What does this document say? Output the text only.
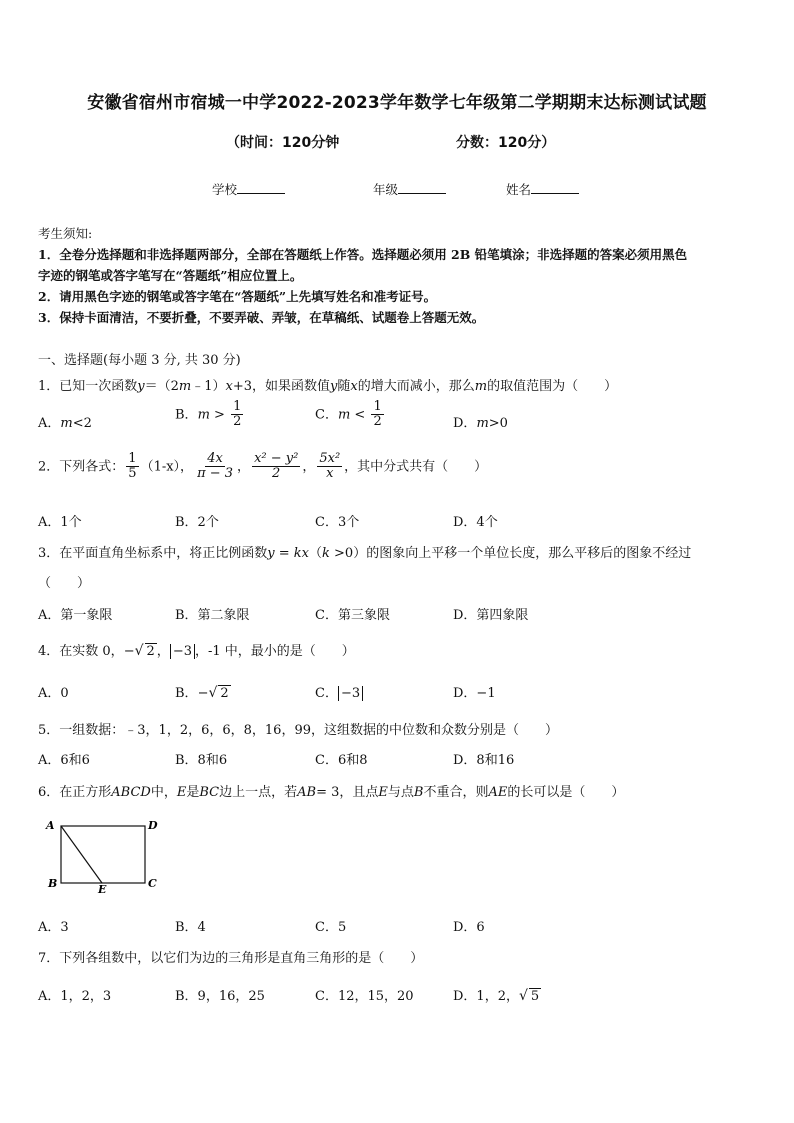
安徽省宿州市宿城一中学2022-2023学年数学七年级第二学期期末达标测试试题
（时间：120分钟	分数：120分）
学校	年级	姓名
考生须知:
1．全卷分选择题和非选择题两部分，全部在答题纸上作答。选择题必须用 2B 铅笔填涂；非选择题的答案必须用黑色
字迹的钢笔或答字笔写在“答题纸”相应位置上。
2．请用黑色字迹的钢笔或答字笔在“答题纸”上先填写姓名和准考证号。
3．保持卡面清洁，不要折叠，不要弄破、弄皱，在草稿纸、试题卷上答题无效。
一、选择题(每小题 3 分, 共 30 分)
1．已知一次函数y＝（2m﹣1）x+3，如果函数值y随x的增大而减小，那么m的取值范围为（　　）
A．m<2
B．$m > \frac{1}{2}$	C．$m < \frac{1}{2}$	D．m>0
2．下列各式： $\frac{1}{5} (1-x)$， $\frac{4x}{\pi - 3}$ ， $\frac{\text{x² − y²}}{2}$ ， $\frac{\text{5x²}}{x}$ ，其中分式共有（　　）
A．1个	B．2个	C．3个	D．4个
3．在平面直角坐标系中，将正比例函数y = kx（k >0）的图象向上平移一个单位长度，那么平移后的图象不经过
（　　）
A．第一象限	B．第二象限	C．第三象限	D．第四象限
4．在实数 0，−√ 2 ， −3 ，-1 中，最小的是（　　）
A．0	B．−√ 2	C． −3	D．−1
5．一组数据：﹣3，1，2，6，6，8，16，99，这组数据的中位数和众数分别是（　　）
A．6和6	B．8和6	C．6和8	D．8和16
6．在正方形ABCD中，E是BC边上一点，若AB= 3，且点E与点B不重合，则AE的长可以是（　　）
A	D
B	C
E
A．3	B．4	C．5	D．6
7．下列各组数中，以它们为边的三角形是直角三角形的是（　　）
A．1，2，3	B．9，16，25	C．12，15，20	D．1，2，√ 5
